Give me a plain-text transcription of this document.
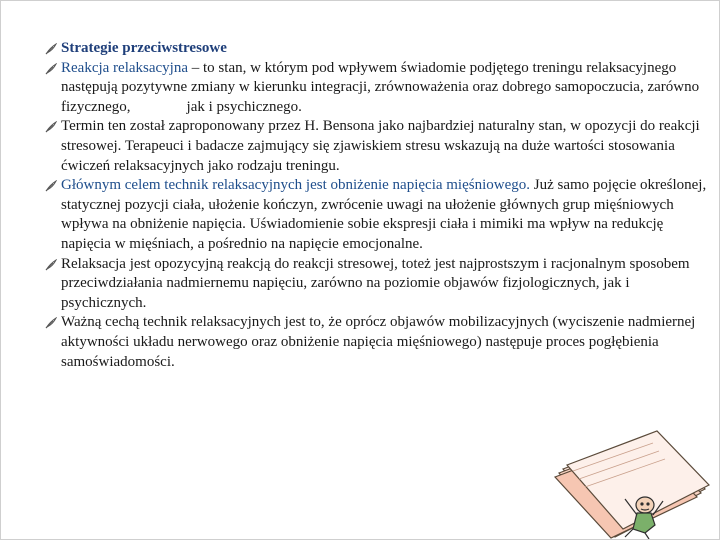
Strategie przeciwstresowe

Reakcja relaksacyjna – to stan, w którym pod wpływem świadomie podjętego treningu relaksacyjnego następują pozytywne zmiany w kierunku integracji, zrównoważenia oraz dobrego samopoczucia, zarówno fizycznego,	jak i psychicznego.

Termin ten został zaproponowany przez H. Bensona jako najbardziej naturalny stan, w opozycji do reakcji stresowej. Terapeuci i badacze zajmujący się zjawiskiem stresu wskazują na duże wartości stosowania ćwiczeń relaksacyjnych jako rodzaju treningu.

Głównym celem technik relaksacyjnych jest obniżenie napięcia mięśniowego. Już samo pojęcie określonej, statycznej pozycji ciała, ułożenie kończyn, zwrócenie uwagi na ułożenie głównych grup mięśniowych wpływa na obniżenie napięcia. Uświadomienie sobie ekspresji ciała i mimiki ma wpływ na redukcję napięcia w mięśniach, a pośrednio na napięcie emocjonalne.

Relaksacja jest opozycyjną reakcją do reakcji stresowej, toteż jest najprostszym i racjonalnym sposobem przeciwdziałania nadmiernemu napięciu, zarówno na poziomie objawów fizjologicznych, jak i psychicznych.

Ważną cechą technik relaksacyjnych jest to, że oprócz objawów mobilizacyjnych (wyciszenie nadmiernej aktywności układu nerwowego oraz obniżenie napięcia mięśniowego) następuje proces pogłębienia samoświadomości.
